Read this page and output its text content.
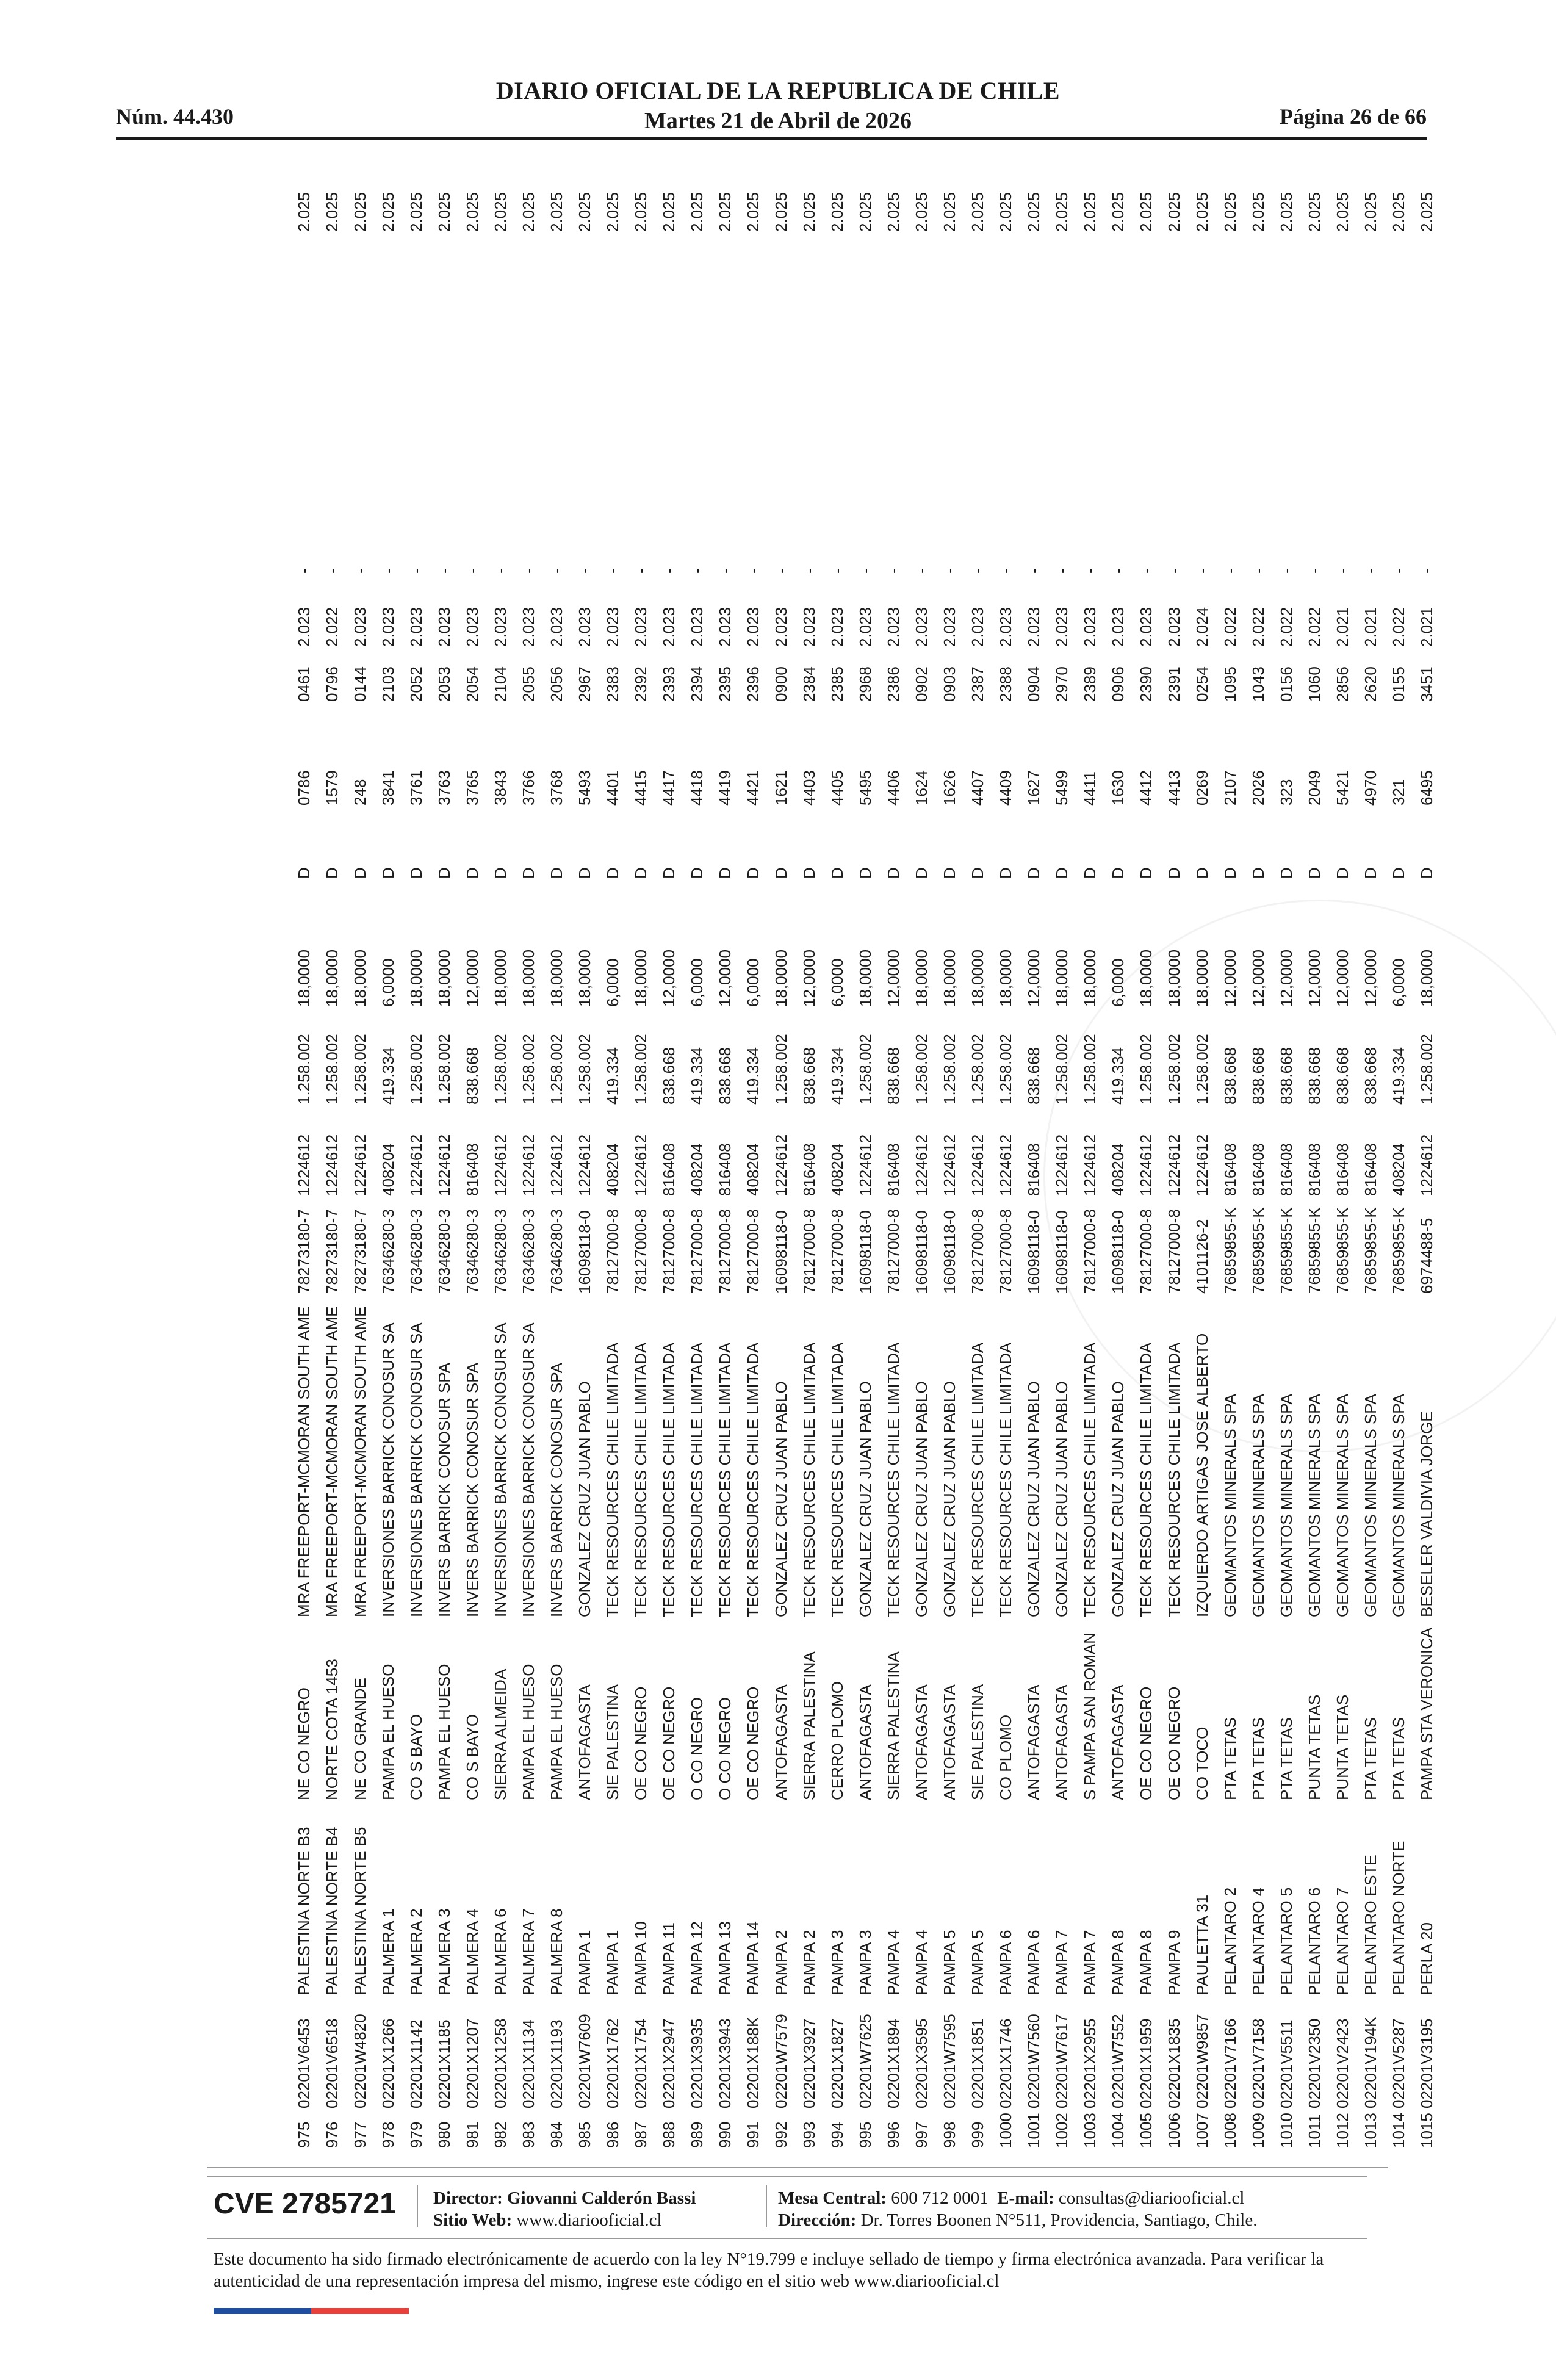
Núm. 44.430
DIARIO OFICIAL DE LA REPUBLICA DE CHILE
Martes 21 de Abril de 2026	Página 26 de 66
975
02201V6453
PALESTINA NORTE B3
NE CO NEGRO
MRA FREEPORT-MCMORAN SOUTH AME
78273180-7
1224612
1.258.002
18,0000
D
0786
0461
2.023
-
2.025
976
02201V6518
PALESTINA NORTE B4
NORTE COTA 1453
MRA FREEPORT-MCMORAN SOUTH AME
78273180-7
1224612
1.258.002
18,0000
D
1579
0796
2.022
-
2.025
977
02201W4820
PALESTINA NORTE B5
NE CO GRANDE
MRA FREEPORT-MCMORAN SOUTH AME
78273180-7
1224612
1.258.002
18,0000
D
248
0144
2.023
-
2.025
978
02201X1266
PALMERA 1
PAMPA EL HUESO
INVERSIONES BARRICK CONOSUR SA
76346280-3
408204
419.334
6,0000
D
3841
2103
2.023
-
2.025
979
02201X1142
PALMERA 2
CO S BAYO
INVERSIONES BARRICK CONOSUR SA
76346280-3
1224612
1.258.002
18,0000
D
3761
2052
2.023
-
2.025
980
02201X1185
PALMERA 3
PAMPA EL HUESO
INVERS BARRICK CONOSUR SPA
76346280-3
1224612
1.258.002
18,0000
D
3763
2053
2.023
-
2.025
981
02201X1207
PALMERA 4
CO S BAYO
INVERS BARRICK CONOSUR SPA
76346280-3
816408
838.668
12,0000
D
3765
2054
2.023
-
2.025
982
02201X1258
PALMERA 6
SIERRA ALMEIDA
INVERSIONES BARRICK CONOSUR SA
76346280-3
1224612
1.258.002
18,0000
D
3843
2104
2.023
-
2.025
983
02201X1134
PALMERA 7
PAMPA EL HUESO
INVERSIONES BARRICK CONOSUR SA
76346280-3
1224612
1.258.002
18,0000
D
3766
2055
2.023
-
2.025
984
02201X1193
PALMERA 8
PAMPA EL HUESO
INVERS BARRICK CONOSUR SPA
76346280-3
1224612
1.258.002
18,0000
D
3768
2056
2.023
-
2.025
985
02201W7609
PAMPA 1
ANTOFAGASTA
GONZALEZ CRUZ JUAN PABLO
16098118-0
1224612
1.258.002
18,0000
D
5493
2967
2.023
-
2.025
986
02201X1762
PAMPA 1
SIE PALESTINA
TECK RESOURCES CHILE LIMITADA
78127000-8
408204
419.334
6,0000
D
4401
2383
2.023
-
2.025
987
02201X1754
PAMPA 10
OE CO NEGRO
TECK RESOURCES CHILE LIMITADA
78127000-8
1224612
1.258.002
18,0000
D
4415
2392
2.023
-
2.025
988
02201X2947
PAMPA 11
OE CO NEGRO
TECK RESOURCES CHILE LIMITADA
78127000-8
816408
838.668
12,0000
D
4417
2393
2.023
-
2.025
989
02201X3935
PAMPA 12
O CO NEGRO
TECK RESOURCES CHILE LIMITADA
78127000-8
408204
419.334
6,0000
D
4418
2394
2.023
-
2.025
990
02201X3943
PAMPA 13
O CO NEGRO
TECK RESOURCES CHILE LIMITADA
78127000-8
816408
838.668
12,0000
D
4419
2395
2.023
-
2.025
991
02201X188K
PAMPA 14
OE CO NEGRO
TECK RESOURCES CHILE LIMITADA
78127000-8
408204
419.334
6,0000
D
4421
2396
2.023
-
2.025
992
02201W7579
PAMPA 2
ANTOFAGASTA
GONZALEZ CRUZ JUAN PABLO
16098118-0
1224612
1.258.002
18,0000
D
1621
0900
2.023
-
2.025
993
02201X3927
PAMPA 2
SIERRA PALESTINA
TECK RESOURCES CHILE LIMITADA
78127000-8
816408
838.668
12,0000
D
4403
2384
2.023
-
2.025
994
02201X1827
PAMPA 3
CERRO PLOMO
TECK RESOURCES CHILE LIMITADA
78127000-8
408204
419.334
6,0000
D
4405
2385
2.023
-
2.025
995
02201W7625
PAMPA 3
ANTOFAGASTA
GONZALEZ CRUZ JUAN PABLO
16098118-0
1224612
1.258.002
18,0000
D
5495
2968
2.023
-
2.025
996
02201X1894
PAMPA 4
SIERRA PALESTINA
TECK RESOURCES CHILE LIMITADA
78127000-8
816408
838.668
12,0000
D
4406
2386
2.023
-
2.025
997
02201X3595
PAMPA 4
ANTOFAGASTA
GONZALEZ CRUZ JUAN PABLO
16098118-0
1224612
1.258.002
18,0000
D
1624
0902
2.023
-
2.025
998
02201W7595
PAMPA 5
ANTOFAGASTA
GONZALEZ CRUZ JUAN PABLO
16098118-0
1224612
1.258.002
18,0000
D
1626
0903
2.023
-
2.025
999
02201X1851
PAMPA 5
SIE PALESTINA
TECK RESOURCES CHILE LIMITADA
78127000-8
1224612
1.258.002
18,0000
D
4407
2387
2.023
-
2.025
1000
02201X1746
PAMPA 6
CO PLOMO
TECK RESOURCES CHILE LIMITADA
78127000-8
1224612
1.258.002
18,0000
D
4409
2388
2.023
-
2.025
1001
02201W7560
PAMPA 6
ANTOFAGASTA
GONZALEZ CRUZ JUAN PABLO
16098118-0
816408
838.668
12,0000
D
1627
0904
2.023
-
2.025
1002
02201W7617
PAMPA 7
ANTOFAGASTA
GONZALEZ CRUZ JUAN PABLO
16098118-0
1224612
1.258.002
18,0000
D
5499
2970
2.023
-
2.025
1003
02201X2955
PAMPA 7
S PAMPA SAN ROMAN
TECK RESOURCES CHILE LIMITADA
78127000-8
1224612
1.258.002
18,0000
D
4411
2389
2.023
-
2.025
1004
02201W7552
PAMPA 8
ANTOFAGASTA
GONZALEZ CRUZ JUAN PABLO
16098118-0
408204
419.334
6,0000
D
1630
0906
2.023
-
2.025
1005
02201X1959
PAMPA 8
OE CO NEGRO
TECK RESOURCES CHILE LIMITADA
78127000-8
1224612
1.258.002
18,0000
D
4412
2390
2.023
-
2.025
1006
02201X1835
PAMPA 9
OE CO NEGRO
TECK RESOURCES CHILE LIMITADA
78127000-8
1224612
1.258.002
18,0000
D
4413
2391
2.023
-
2.025
1007
02201W9857
PAULETTA 31
CO TOCO
IZQUIERDO ARTIGAS JOSE ALBERTO
4101126-2
1224612
1.258.002
18,0000
D
0269
0254
2.024
-
2.025
1008
02201V7166
PELANTARO 2
PTA TETAS
GEOMANTOS MINERALS SPA
76859855-K
816408
838.668
12,0000
D
2107
1095
2.022
-
2.025
1009
02201V7158
PELANTARO 4
PTA TETAS
GEOMANTOS MINERALS SPA
76859855-K
816408
838.668
12,0000
D
2026
1043
2.022
-
2.025
1010
02201V5511
PELANTARO 5
PTA TETAS
GEOMANTOS MINERALS SPA
76859855-K
816408
838.668
12,0000
D
323
0156
2.022
-
2.025
1011
02201V2350
PELANTARO 6
PUNTA TETAS
GEOMANTOS MINERALS SPA
76859855-K
816408
838.668
12,0000
D
2049
1060
2.022
-
2.025
1012
02201V2423
PELANTARO 7
PUNTA TETAS
GEOMANTOS MINERALS SPA
76859855-K
816408
838.668
12,0000
D
5421
2856
2.021
-
2.025
1013
02201V194K
PELANTARO ESTE
PTA TETAS
GEOMANTOS MINERALS SPA
76859855-K
816408
838.668
12,0000
D
4970
2620
2.021
-
2.025
1014
02201V5287
PELANTARO NORTE
PTA TETAS
GEOMANTOS MINERALS SPA
76859855-K
408204
419.334
6,0000
D
321
0155
2.022
-
2.025
1015
02201V3195
PERLA 20
PAMPA STA VERONICA
BESELER VALDIVIA JORGE
6974488-5
1224612
1.258.002
18,0000
D
6495
3451
2.021
-
2.025
CVE 2785721 Director: Giovanni Calderón Bassi
Sitio Web: www.diariooficial.cl
Mesa Central: 600 712 0001 E-mail: consultas@diariooficial.cl
Dirección: Dr. Torres Boonen N°511, Providencia, Santiago, Chile.
Este documento ha sido firmado electrónicamente de acuerdo con la ley N°19.799 e incluye sellado de tiempo y firma electrónica avanzada. Para verificar la autenticidad de una representación impresa del mismo, ingrese este código en el sitio web www.diariooficial.cl
